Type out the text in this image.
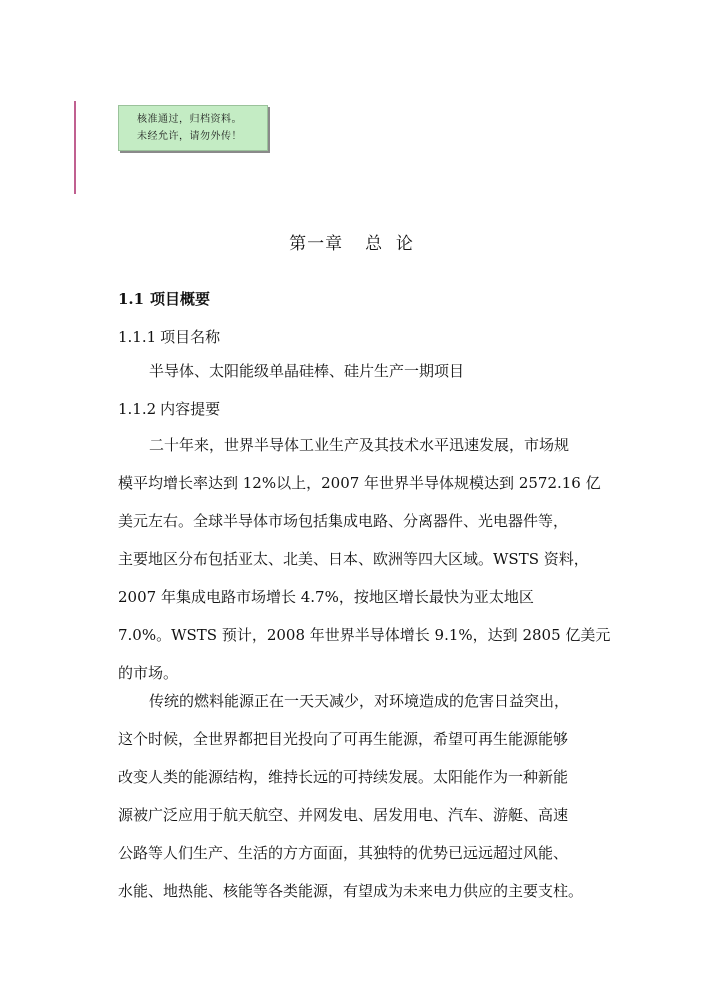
核准通过，归档资料。
未经允许，请勿外传！
第一章 总  论
1.1 项目概要
1.1.1 项目名称
半导体、太阳能级单晶硅棒、硅片生产一期项目
1.1.2 内容提要
二十年来，世界半导体工业生产及其技术水平迅速发展，市场规
模平均增长率达到 12%以上，2007 年世界半导体规模达到 2572.16 亿
美元左右。全球半导体市场包括集成电路、分离器件、光电器件等，
主要地区分布包括亚太、北美、日本、欧洲等四大区域。WSTS 资料，
2007 年集成电路市场增长 4.7%，按地区增长最快为亚太地区
7.0%。WSTS 预计，2008 年世界半导体增长 9.1%，达到 2805 亿美元
的市场。
传统的燃料能源正在一天天减少，对环境造成的危害日益突出，
这个时候，全世界都把目光投向了可再生能源，希望可再生能源能够
改变人类的能源结构，维持长远的可持续发展。太阳能作为一种新能
源被广泛应用于航天航空、并网发电、居发用电、汽车、游艇、高速
公路等人们生产、生活的方方面面，其独特的优势已远远超过风能、
水能、地热能、核能等各类能源，有望成为未来电力供应的主要支柱。
